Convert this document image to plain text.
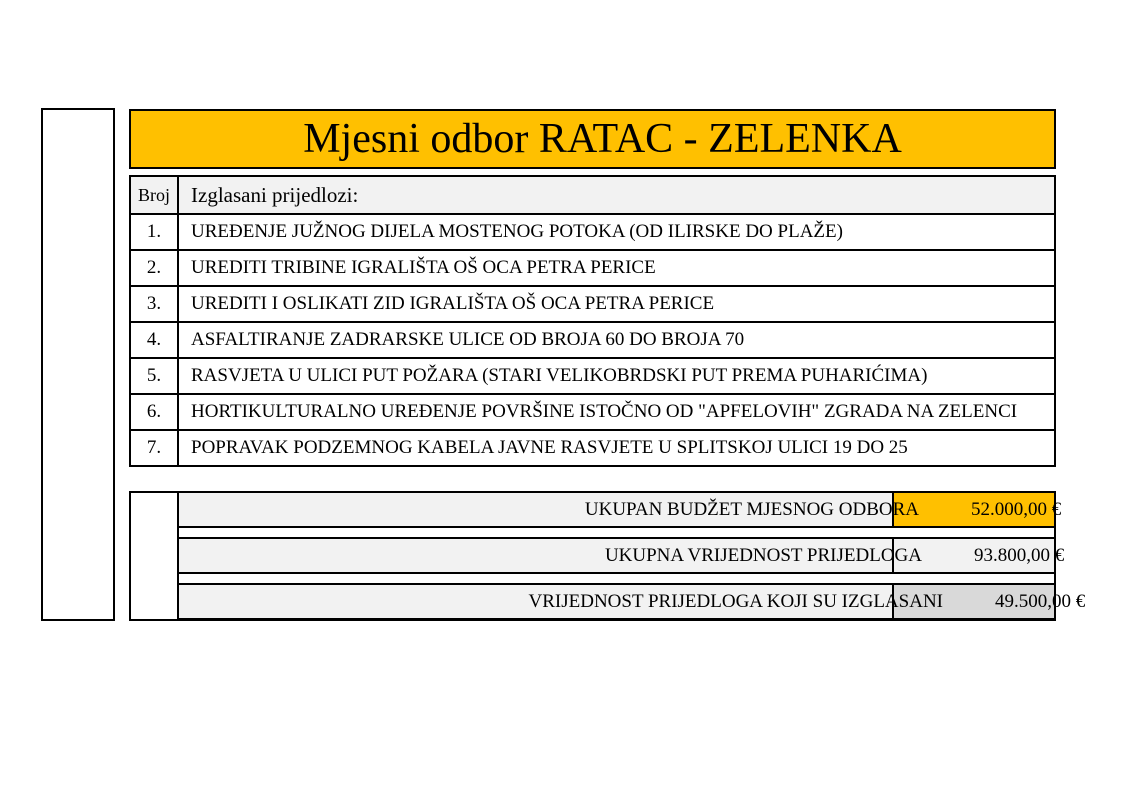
Mjesni odbor RATAC - ZELENKA
Broj	Izglasani prijedlozi:
1.	UREĐENJE JUŽNOG DIJELA MOSTENOG POTOKA (OD ILIRSKE DO PLAŽE)
2.	UREDITI TRIBINE IGRALIŠTA OŠ OCA PETRA PERICE
3.	UREDITI I OSLIKATI ZID IGRALIŠTA OŠ OCA PETRA PERICE
4.	ASFALTIRANJE ZADRARSKE ULICE OD BROJA 60 DO BROJA 70
5.	RASVJETA U ULICI PUT POŽARA (STARI VELIKOBRDSKI PUT PREMA PUHARIĆIMA)
6.	HORTIKULTURALNO UREĐENJE POVRŠINE ISTOČNO OD "APFELOVIH" ZGRADA NA ZELENCI
7.	POPRAVAK PODZEMNOG KABELA JAVNE RASVJETE U SPLITSKOJ ULICI 19 DO 25
UKUPAN BUDŽET MJESNOG ODBORA	52.000,00 €
UKUPNA VRIJEDNOST PRIJEDLOGA	93.800,00 €
VRIJEDNOST PRIJEDLOGA KOJI SU IZGLASANI	49.500,00 €
